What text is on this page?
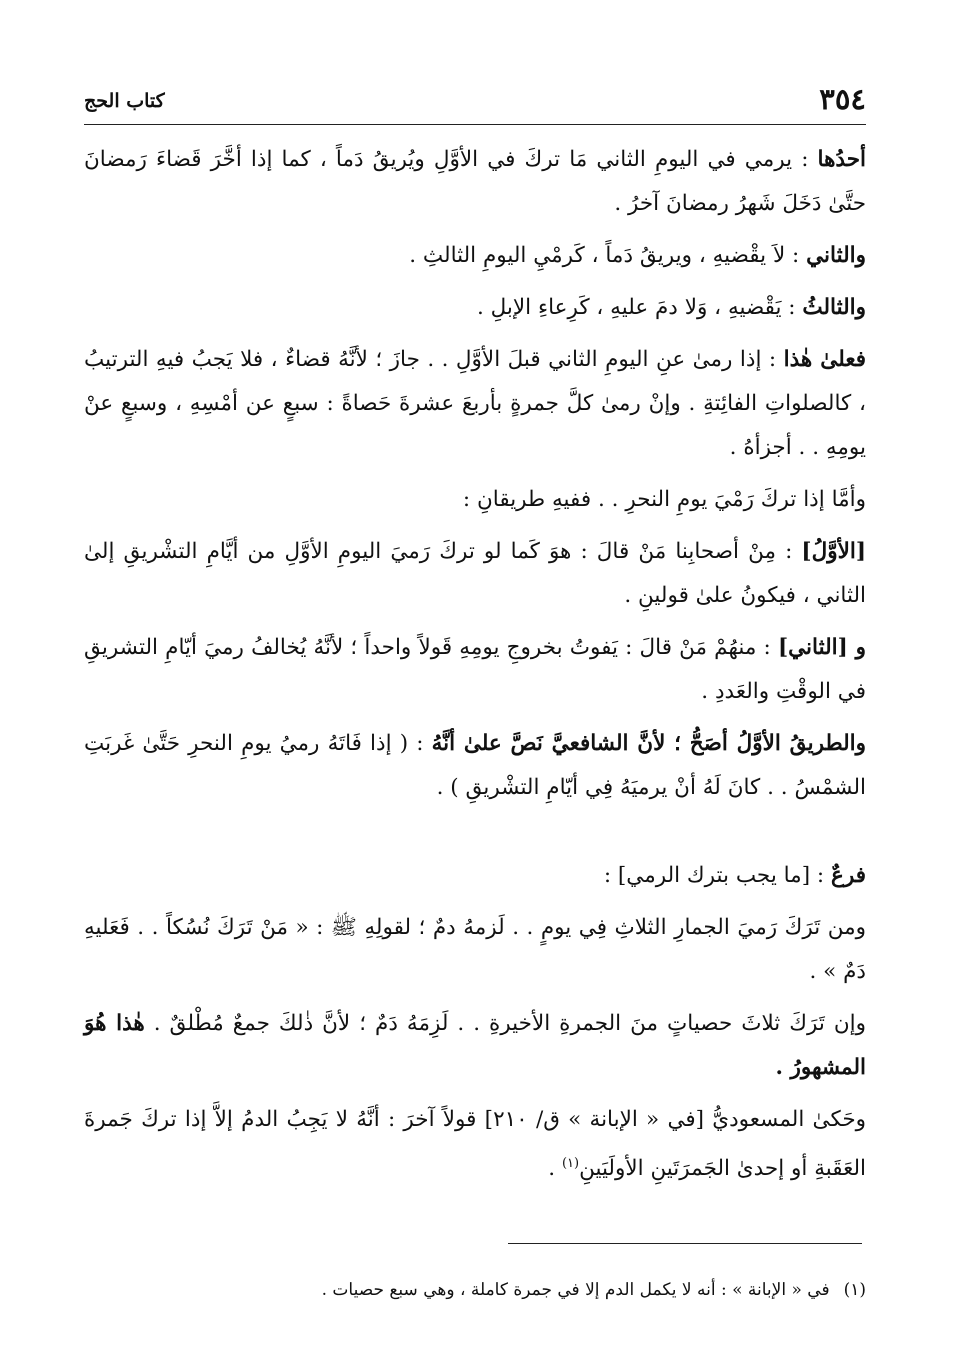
٣٥٤
كتاب الحج

أحدُها : يرمي في اليومِ الثاني مَا تركَ في الأوَّلِ ويُريقُ دَماً ، كما إذا أخَّرَ قَضاءَ رَمضانَ حتَّىٰ دَخَلَ شَهرُ رمضانَ آخرُ .

والثاني : لاَ يقْضيهِ ، ويريقُ دَماً ، كَرمْيِ اليومِ الثالثِ .

والثالثُ : يَقْضيهِ ، وَلا دمَ عليهِ ، كَرِعاءِ الإبلِ .

فعلىٰ هٰذا : إذا رمىٰ عنِ اليومِ الثاني قبلَ الأوَّلِ . . جازَ ؛ لأنَّهُ قضاءٌ ، فلا يَجبُ فيهِ الترتيبُ ، كالصلواتِ الفائِتةِ . وإنْ رمىٰ كلَّ جمرةٍ بأربعَ عشرةَ حَصاةً : سبعٍ عن أمْسِهِ ، وسبعٍ عنْ يومِهِ . . أجزأهُ .

وأمَّا إذا تركَ رَمْيَ يومِ النحرِ . . ففيهِ طريقانِ :

[الأوَّلُ] : مِنْ أصحابِنا مَنْ قالَ : هوَ كَما لو تركَ رَميَ اليومِ الأوَّلِ من أيَّامِ التشْريقِ إلىٰ الثاني ، فيكونُ علىٰ قولينِ .

و [الثاني] : منهُمْ مَنْ قالَ : يَفوتُ بخروجِ يومِهِ قَولاً واحداً ؛ لأنَّهُ يُخالفُ رميَ أيّامِ التشريقِ في الوقْتِ والعَددِ .

والطريقُ الأوَّلُ أصَحُّ ؛ لأنَّ الشافعيَّ نَصَّ علىٰ أنَّهُ : ( إذا فَاتَهُ رميُ يومِ النحرِ حَتَّىٰ غَربَتِ الشمْسُ . . كانَ لَهُ أنْ يرميَهُ فِي أيّامِ التشْريقِ ) .

فرعٌ : [ما يجب بترك الرمي] :

ومن تَرَكَ رَميَ الجمارِ الثلاثِ فِي يومٍ . . لَزمهُ دمٌ ؛ لقولِهِ ﷺ : « مَنْ تَرَكَ نُسُكاً . . فَعَليهِ دَمٌ » .

وإن تَرَكَ ثلاثَ حصياتٍ منَ الجمرةِ الأخيرةِ . . لَزِمَهُ دَمٌ ؛ لأنَّ ذٰلكَ جمعٌ مُطْلقٌ . هٰذا هُوَ المشهورُ .

وحَكىٰ المسعوديُّ [في « الإبانة » ق/ ٢١٠] قولاً آخرَ : أنَّهُ لا يَجِبُ الدمُ إلاَّ إذا تركَ جَمرةَ العَقَبةِ أو إحدىٰ الجَمرَتَينِ الأولَيَينِ$^{(١)}$ .

(١)في « الإبانة » : أنه لا يكمل الدم إلا في جمرة كاملة ، وهي سبع حصيات .
